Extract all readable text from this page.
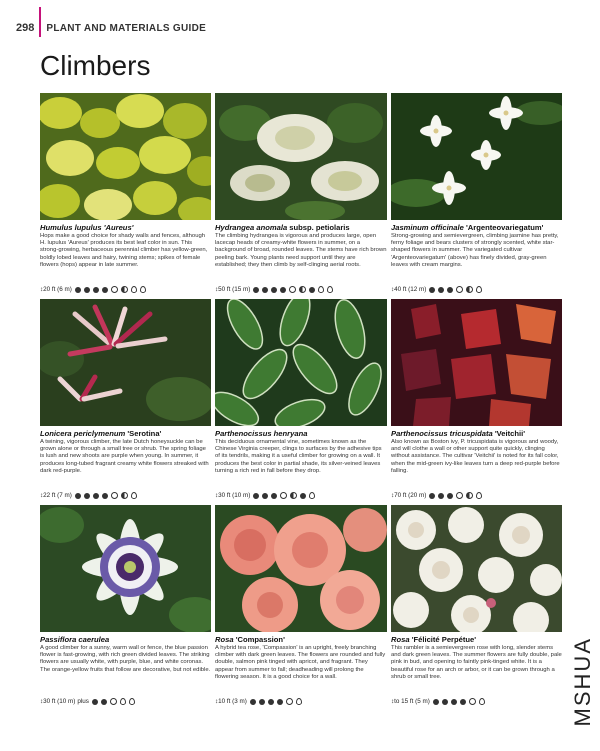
298 PLANT AND MATERIALS GUIDE
Climbers
Humulus lupulus 'Aureus'
Hops make a good choice for shady walls and fences, although H. lupulus 'Aureus' produces its best leaf color in sun. This strong-growing, herbaceous perennial climber has yellow-green, boldly lobed leaves and hairy, twining stems; spikes of female flowers (hops) appear in late summer.
↕20 ft (6 m)
Hydrangea anomala subsp. petiolaris
The climbing hydrangea is vigorous and produces large, open lacecap heads of creamy-white flowers in summer, on a background of broad, rounded leaves. The stems have rich brown peeling bark. Young plants need support until they are established; they then climb by self-clinging aerial roots.
↕50 ft (15 m)
Jasminum officinale 'Argenteovariegatum'
Strong-growing and semievergreen, climbing jasmine has pretty, ferny foliage and bears clusters of strongly scented, white star-shaped flowers in summer. The variegated cultivar 'Argenteovariegatum' (above) has finely divided, gray-green leaves with cream margins.
↕40 ft (12 m)
Lonicera periclymenum 'Serotina'
A twining, vigorous climber, the late Dutch honeysuckle can be grown alone or through a small tree or shrub. The spring foliage is lush and new shoots are purple when young. In summer, it produces long-tubed fragrant creamy white flowers streaked with dark red-purple.
↕22 ft (7 m)
Parthenocissus henryana
This deciduous ornamental vine, sometimes known as the Chinese Virginia creeper, clings to surfaces by the adhesive tips of its tendrils, making it a useful climber for growing on a wall. It produces the best color in partial shade, its silver-veined leaves turning a rich red in fall before they drop.
↕30 ft (10 m)
Parthenocissus tricuspidata 'Veitchii'
Also known as Boston ivy, P. tricuspidata is vigorous and woody, and will clothe a wall or other support quite quickly, clinging without assistance. The cultivar 'Veitchii' is noted for its fall color, when the mid-green ivy-like leaves turn a deep red-purple before falling.
↕70 ft (20 m)
Passiflora caerulea
A good climber for a sunny, warm wall or fence, the blue passion flower is fast-growing, with rich green divided leaves. The striking flowers are usually white, with purple, blue, and white coronas. The orange-yellow fruits that follow are decorative, but not edible.
↕30 ft (10 m) plus
Rosa 'Compassion'
A hybrid tea rose, 'Compassion' is an upright, freely branching climber with dark green leaves. The flowers are rounded and fully double, salmon pink tinged with apricot, and fragrant. They appear from summer to fall; deadheading will prolong the flowering season. It is a good choice for a wall.
↕10 ft (3 m)
Rosa 'Félicité Perpétue'
This rambler is a semievergreen rose with long, slender stems and dark green leaves. The summer flowers are fully double, pale pink in bud, and opening to faintly pink-tinged white. It is a beautiful rose for an arch or arbor, or it can be grown through a shrub or small tree.
↕to 15 ft (5 m)	MSHUA
